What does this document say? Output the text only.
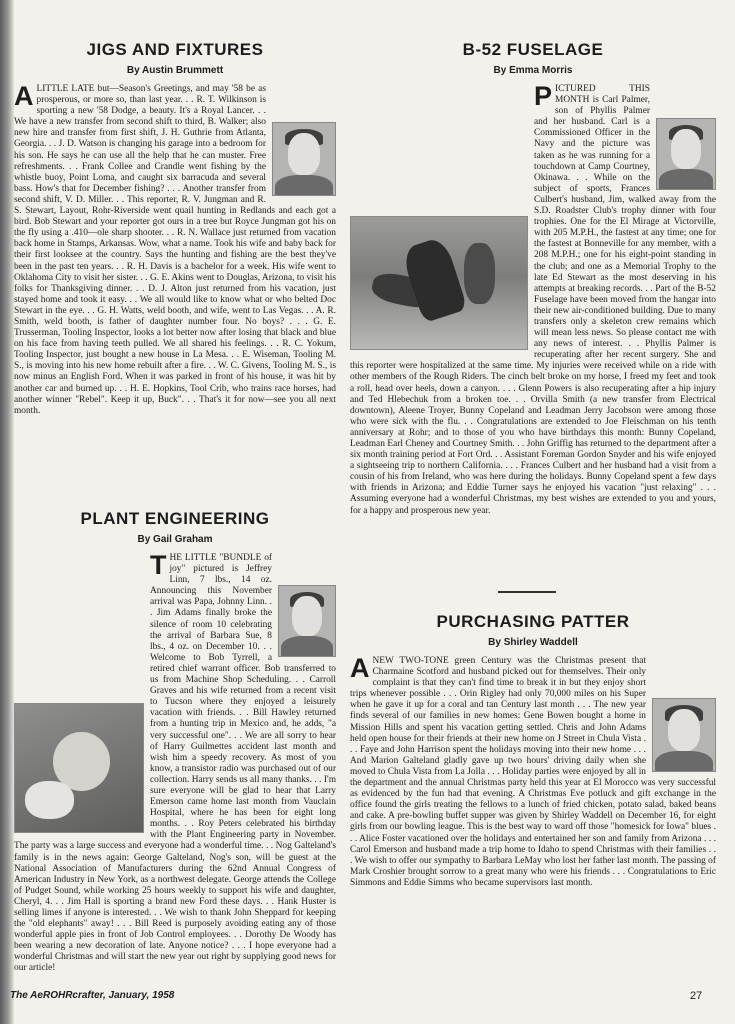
JIGS AND FIXTURES
By Austin Brummett

ALITTLE LATE but—Season's Greetings, and may '58 be as prosperous, or more so, than last year. . . R. T. Wilkinson is sporting a new '58 Dodge, a beauty. It's a Royal Lancer. . . We have a new transfer from second shift to third, B. Walker; also new hire and transfer from first shift, J. H. Guthrie from Atlanta, Georgia. . . J. D. Watson is changing his garage into a bedroom for his son. He says he can use all the help that he can muster. Free refreshments. . . Frank Collee and Crandle went fishing by the whistle buoy, Point Loma, and caught six barracuda and several bass. How's that for December fishing? . . . Another transfer from second shift, V. D. Miller. . . This reporter, R. V. Jungman and R. S. Stewart, Layout, Rohr-Riverside went quail hunting in Redlands and each got a bird. Bob Stewart and your reporter got ours in a tree but Royce Jungman got his on the fly using a .410—ole sharp shooter. . . R. N. Wallace just returned from vacation back home in Stamps, Arkansas. Wow, what a name. Took his wife and baby back for their first looksee at the country. Says the hunting and fishing are the best they've been in the past ten years. . . R. H. Davis is a bachelor for a week. His wife went to Oklahoma City to visit her sister. . . G. E. Akins went to Douglas, Arizona, to visit his folks for Thanksgiving dinner. . . D. J. Alton just returned from his vacation, just stayed home and took it easy. . . We all would like to know what or who belted Doc Stewart in the eye. . . G. H. Watts, weld booth, and wife, went to Las Vegas. . . A. R. Smith, weld booth, is father of daughter number four. No boys? . . . G. E. Trusserman, Tooling Inspector, looks a lot better now after losing that black and blue on his face from having teeth pulled. We all shared his feelings. . . R. C. Yokum, Tooling Inspector, just bought a new house in La Mesa. . . E. Wiseman, Tooling M. S., is moving into his new home rebuilt after a fire. . . W. C. Givens, Tooling M. S., is now minus an English Ford. When it was parked in front of his house, it was hit by another car and burned up. . . H. E. Hopkins, Tool Crib, who trains race horses, had another winner "Rebel". Keep it up, Buck". . . That's it for now—see you all next month.

PLANT ENGINEERING
By Gail Graham

THE LITTLE "BUNDLE of joy" pictured is Jeffrey Linn, 7 lbs., 14 oz. Announcing this November arrival was Papa, Johnny Linn. . . Jim Adams finally broke the silence of room 10 celebrating the arrival of Barbara Sue, 8 lbs., 4 oz. on December 10. . . Welcome to Bob Tyrrell, a retired chief warrant officer. Bob transferred to us from Machine Shop Scheduling. . . Carroll Graves and his wife returned from a recent visit to Tucson where they enjoyed a leisurely vacation with friends. . . Bill Hawley returned from a hunting trip in Mexico and, he adds, "a very successful one". . . We are all sorry to hear of Harry Guilmettes accident last month and wish him a speedy recovery. As most of you know, a transistor radio was purchased out of our collection. Harry sends us all many thanks. . . I'm sure everyone will be glad to hear that Larry Emerson came home last month from Vauclain Hospital, where he has been for eight long months. . . Roy Peters celebrated his birthday with the Plant Engineering party in November. The party was a large success and everyone had a wonderful time. . . Nog Galteland's family is in the news again: George Galteland, Nog's son, will be guest at the National Association of Manufacturers during the 62nd Annual Congress of American Industry in New York, as a northwest delegate. George attends the College of Pudget Sound, while working 25 hours weekly to support his wife and daughter, Cheryl, 4. . . Jim Hall is sporting a brand new Ford these days. . . Hank Huster is selling limes if anyone is interested. . . We wish to thank John Sheppard for keeping the "old elephants" away! . . . Bill Reed is purposely avoiding eating any of those wonderful apple pies in front of Job Control employees. . . Dorothy De Woody has been wearing a new decoration of late. Anyone notice? . . . I hope everyone had a wonderful Christmas and will start the new year out right by supplying good news for our article!

B-52 FUSELAGE
By Emma Morris

PICTURED THIS MONTH is Carl Palmer, son of Phyllis Palmer and her husband. Carl is a Commissioned Officer in the Navy and the picture was taken as he was running for a touchdown at Camp Courtney, Okinawa. . . While on the subject of sports, Frances Culbert's husband, Jim, walked away from the S.D. Roadster Club's trophy dinner with four trophies. One for the El Mirage at Victorville, with 205 M.P.H., the fastest at any time; one for the fastest at Bonneville for any member, with a 208 M.P.H.; one for his eight-point standing in the club; and one as a Memorial Trophy to the late Ed Stewart as the most deserving in his attempts at breaking records. . . Part of the B-52 Fuselage have been moved from the hangar into their new air-conditioned building. Due to many transfers only a skeleton crew remains which will mean less news. So please contact me with any news of interest. . . Phyllis Palmer is recuperating after her recent surgery. She and this reporter were hospitalized at the same time. My injuries were received while on a ride with other members of the Rough Riders. The cinch belt broke on my horse, I freed my feet and took a roll, head over heels, down a canyon. . . . Glenn Powers is also recuperating after a hip injury and Ted Hlebechuk from a broken toe. . . Orvilla Smith (a new transfer from Electrical downtown), Aleene Troyer, Bunny Copeland and Leadman Jerry Jacobson were among those who were sick with the flu. . . Congratulations are extended to Joe Fleischman on his tenth anniversary at Rohr; and to those of you who have birthdays this month: Bunny Copeland, Leadman Earl Cheney and Courtney Smith. . . John Griffig has returned to the department after a six month training period at Fort Ord. . . Assistant Foreman Gordon Snyder and his wife enjoyed a sightseeing trip to northern California. . . . Frances Culbert and her husband had a visit from a cousin of his from Ireland, who was here during the holidays. Bunny Copeland spent a few days with friends in Arizona; and Eddie Turner says he enjoyed his vacation "just relaxing" . . . Assuming everyone had a wonderful Christmas, my best wishes are extended to you and yours, for a happy and prosperous new year.

PURCHASING PATTER
By Shirley Waddell

ANEW TWO-TONE green Century was the Christmas present that Charmaine Scotford and husband picked out for themselves. Their only complaint is that they can't find time to break it in but they enjoy short trips whenever possible . . . Orin Rigley had only 70,000 miles on his Super when he gave it up for a coral and tan Century last month . . . The new year finds several of our families in new homes: Gene Bowen bought a home in Mission Hills and spent his vacation getting settled. Chris and John Adams held open house for their friends at their new home on J Street in Chula Vista . . . Faye and John Harrison spent the holidays moving into their new home . . . And Marion Galteland gladly gave up two hours' driving daily when she moved to Chula Vista from La Jolla . . . Holiday parties were enjoyed by all in the department and the annual Christmas party held this year at El Morocco was very successful as evidenced by the fun had that evening. A Christmas Eve potluck and gift exchange in the office found the girls treating the fellows to a lunch of fried chicken, potato salad, baked beans and cake. A pre-bowling buffet supper was given by Shirley Waddell on December 16, for eight girls from our bowling league. This is the best way to ward off those "homesick for Iowa" blues . . . Alice Foster vacationed over the holidays and entertained her son and family from Arizona . . . Carol Emerson and husband made a trip home to Idaho to spend Christmas with their families . . . We wish to offer our sympathy to Barbara LeMay who lost her father last month. The passing of Mark Croshier brought sorrow to a great many who were his friends . . . Congratulations to Eric Simmons and Eddie Simms who became supervisors last month.

The AeROHRcrafter, January, 1958	27
